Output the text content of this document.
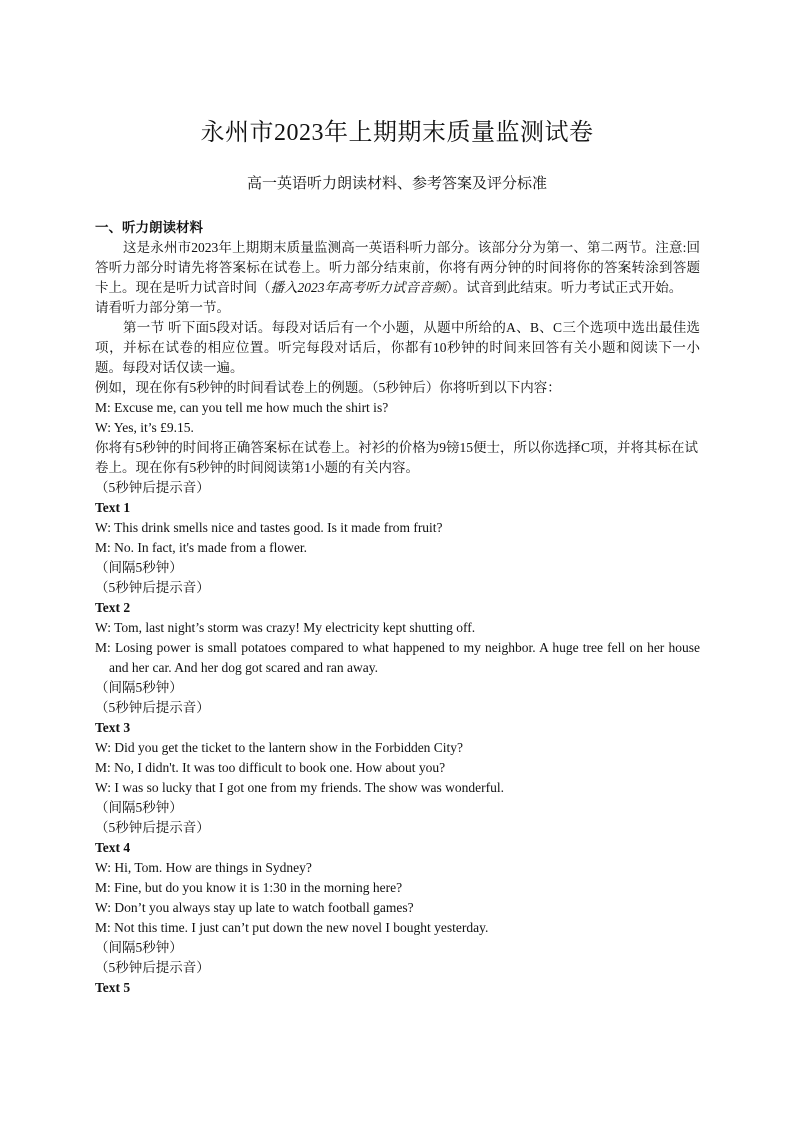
永州市2023年上期期末质量监测试卷
高一英语听力朗读材料、参考答案及评分标准

一、听力朗读材料

这是永州市2023年上期期末质量监测高一英语科听力部分。该部分分为第一、第二两节。注意:回答听力部分时请先将答案标在试卷上。听力部分结束前，你将有两分钟的时间将你的答案转涂到答题卡上。现在是听力试音时间（播入2023年高考听力试音音频）。试音到此结束。听力考试正式开始。

请看听力部分第一节。

第一节 听下面5段对话。每段对话后有一个小题，从题中所给的A、B、C三个选项中选出最佳选项，并标在试卷的相应位置。听完每段对话后，你都有10秒钟的时间来回答有关小题和阅读下一小题。每段对话仅读一遍。

例如，现在你有5秒钟的时间看试卷上的例题。（5秒钟后）你将听到以下内容：

M: Excuse me, can you tell me how much the shirt is?

W: Yes, it’s £9.15.

你将有5秒钟的时间将正确答案标在试卷上。衬衫的价格为9镑15便士，所以你选择C项，并将其标在试卷上。现在你有5秒钟的时间阅读第1小题的有关内容。

（5秒钟后提示音）

Text 1

W: This drink smells nice and tastes good. Is it made from fruit?

M: No. In fact, it's made from a flower.

（间隔5秒钟）

（5秒钟后提示音）

Text 2

W: Tom, last night’s storm was crazy! My electricity kept shutting off.

M: Losing power is small potatoes compared to what happened to my neighbor. A huge tree fell on her house and her car. And her dog got scared and ran away.

（间隔5秒钟）

（5秒钟后提示音）

Text 3

W: Did you get the ticket to the lantern show in the Forbidden City?

M: No, I didn't. It was too difficult to book one. How about you?

W: I was so lucky that I got one from my friends. The show was wonderful.

（间隔5秒钟）

（5秒钟后提示音）

Text 4

W: Hi, Tom. How are things in Sydney?

M: Fine, but do you know it is 1:30 in the morning here?

W: Don’t you always stay up late to watch football games?

M: Not this time. I just can’t put down the new novel I bought yesterday.

（间隔5秒钟）

（5秒钟后提示音）

Text 5
